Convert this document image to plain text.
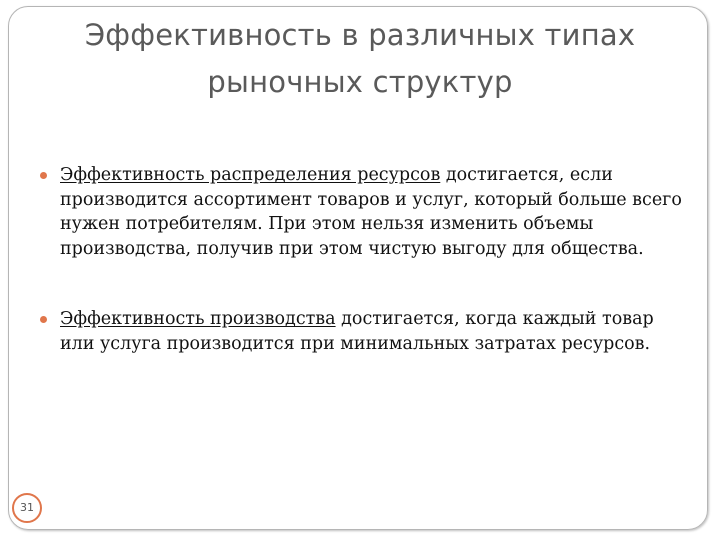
Эффективность в различных типах
рыночных структур
Эффективность распределения ресурсов достигается, если производится ассортимент товаров и услуг, который больше всего нужен потребителям. При этом нельзя изменить объемы производства, получив при этом чистую выгоду для общества.
Эффективность производства достигается, когда каждый товар или услуга производится при минимальных затратах ресурсов.
31
